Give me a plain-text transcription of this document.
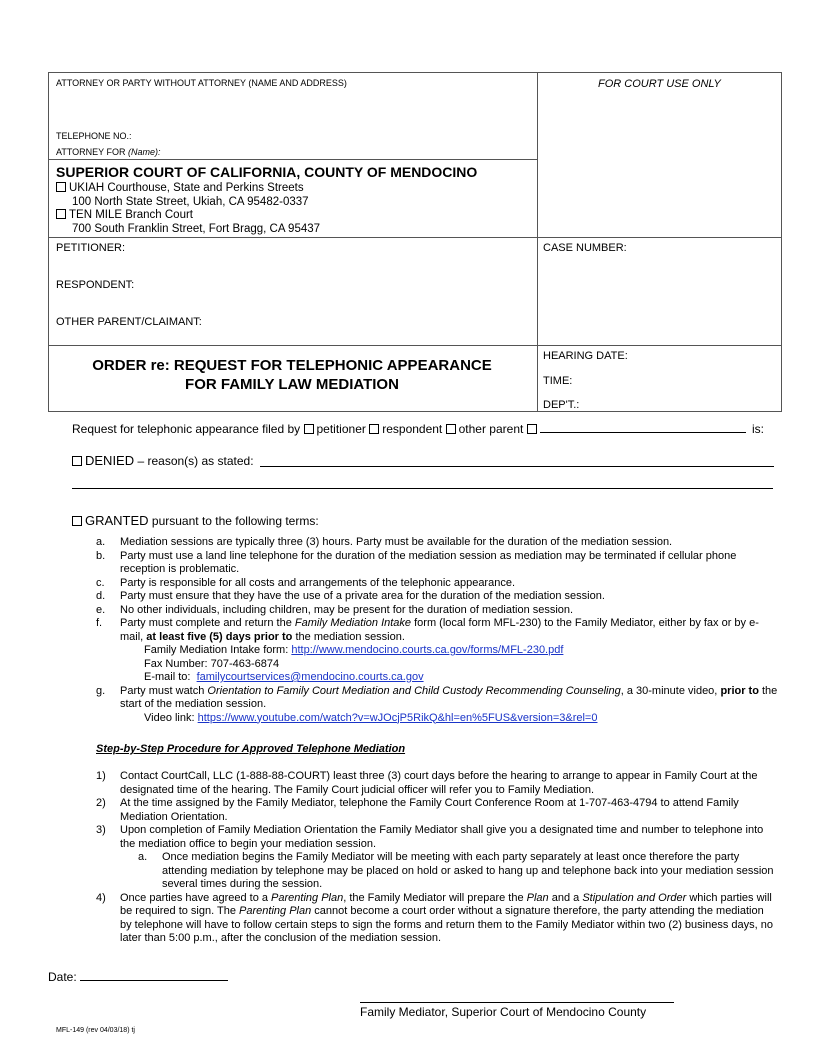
ATTORNEY OR PARTY WITHOUT ATTORNEY (NAME AND ADDRESS)	FOR COURT USE ONLY
TELEPHONE NO.:
ATTORNEY FOR (Name):
SUPERIOR COURT OF CALIFORNIA, COUNTY OF MENDOCINO
UKIAH Courthouse, State and Perkins Streets
100 North State Street, Ukiah, CA 95482-0337
TEN MILE Branch Court
700 South Franklin Street, Fort Bragg, CA 95437
PETITIONER:
RESPONDENT:
OTHER PARENT/CLAIMANT:
CASE NUMBER:
ORDER re: REQUEST FOR TELEPHONIC APPEARANCE
FOR FAMILY LAW MEDIATION
HEARING DATE:
TIME:
DEP'T.:
Request for telephonic appearance filed by petitioner respondent other parent	is:
DENIED – reason(s) as stated:
GRANTED pursuant to the following terms:
a. Mediation sessions are typically three (3) hours. Party must be available for the duration of the mediation session.
b. Party must use a land line telephone for the duration of the mediation session as mediation may be terminated if cellular phone reception is problematic.
c. Party is responsible for all costs and arrangements of the telephonic appearance.
d. Party must ensure that they have the use of a private area for the duration of the mediation session.
e. No other individuals, including children, may be present for the duration of mediation session.
f. Party must complete and return the Family Mediation Intake form (local form MFL-230) to the Family Mediator, either by fax or by e-mail, at least five (5) days prior to the mediation session.
Family Mediation Intake form: http://www.mendocino.courts.ca.gov/forms/MFL-230.pdf
Fax Number: 707-463-6874
E-mail to: familycourtservices@mendocino.courts.ca.gov
g. Party must watch Orientation to Family Court Mediation and Child Custody Recommending Counseling, a 30-minute video, prior to the start of the mediation session.
Video link: https://www.youtube.com/watch?v=wJOcjP5RikQ&hl=en%5FUS&version=3&rel=0
Step-by-Step Procedure for Approved Telephone Mediation
1) Contact CourtCall, LLC (1-888-88-COURT) least three (3) court days before the hearing to arrange to appear in Family Court at the designated time of the hearing. The Family Court judicial officer will refer you to Family Mediation.
2) At the time assigned by the Family Mediator, telephone the Family Court Conference Room at 1-707-463-4794 to attend Family Mediation Orientation.
3) Upon completion of Family Mediation Orientation the Family Mediator shall give you a designated time and number to telephone into the mediation office to begin your mediation session.
a. Once mediation begins the Family Mediator will be meeting with each party separately at least once therefore the party attending mediation by telephone may be placed on hold or asked to hang up and telephone back into your mediation session several times during the session.
4) Once parties have agreed to a Parenting Plan, the Family Mediator will prepare the Plan and a Stipulation and Order which parties will be required to sign. The Parenting Plan cannot become a court order without a signature therefore, the party attending the mediation by telephone will have to follow certain steps to sign the forms and return them to the Family Mediator within two (2) business days, no later than 5:00 p.m., after the conclusion of the mediation session.
Date:
Family Mediator, Superior Court of Mendocino County
MFL-149 (rev 04/03/18) tj
